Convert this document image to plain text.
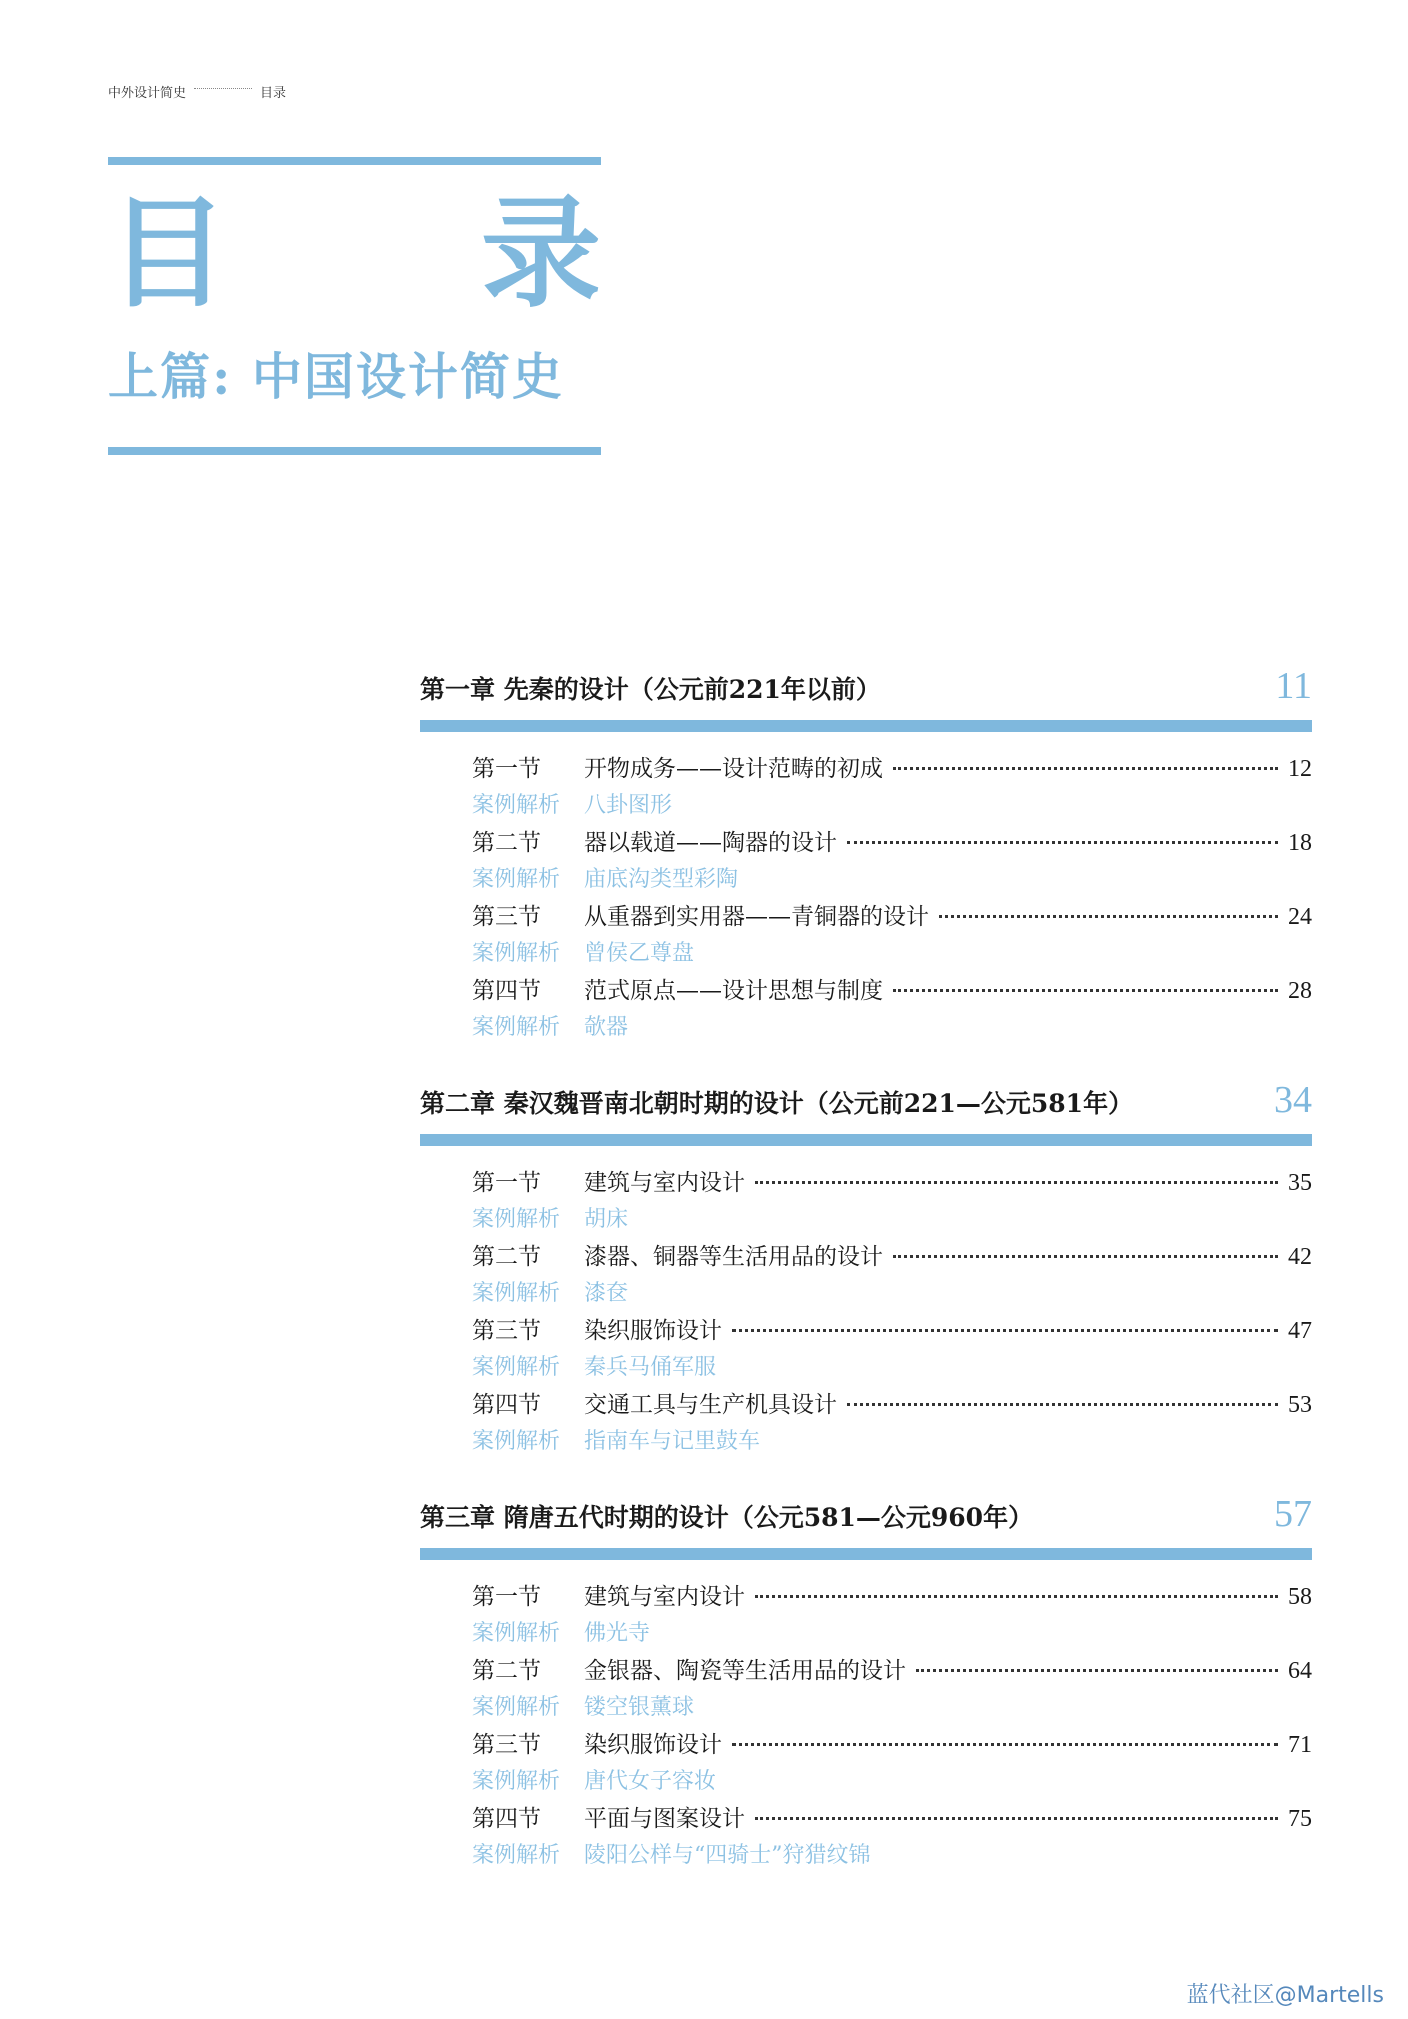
中外设计简史	目录
目 录
上篇: 中国设计简史
第一章 先秦的设计（公元前221年以前）	11
第一节	开物成务——设计范畴的初成	12
案例解析	八卦图形
第二节	器以载道——陶器的设计	18
案例解析	庙底沟类型彩陶
第三节	从重器到实用器——青铜器的设计	24
案例解析	曾侯乙尊盘
第四节	范式原点——设计思想与制度	28
案例解析	欹器
第二章 秦汉魏晋南北朝时期的设计（公元前221—公元581年）	34
第一节	建筑与室内设计	35
案例解析	胡床
第二节	漆器、铜器等生活用品的设计	42
案例解析	漆奁
第三节	染织服饰设计	47
案例解析	秦兵马俑军服
第四节	交通工具与生产机具设计	53
案例解析	指南车与记里鼓车
第三章 隋唐五代时期的设计（公元581—公元960年）	57
第一节	建筑与室内设计	58
案例解析	佛光寺
第二节	金银器、陶瓷等生活用品的设计	64
案例解析	镂空银薰球
第三节	染织服饰设计	71
案例解析	唐代女子容妆
第四节	平面与图案设计	75
案例解析	陵阳公样与“四骑士”狩猎纹锦
蓝代社区@Martells
